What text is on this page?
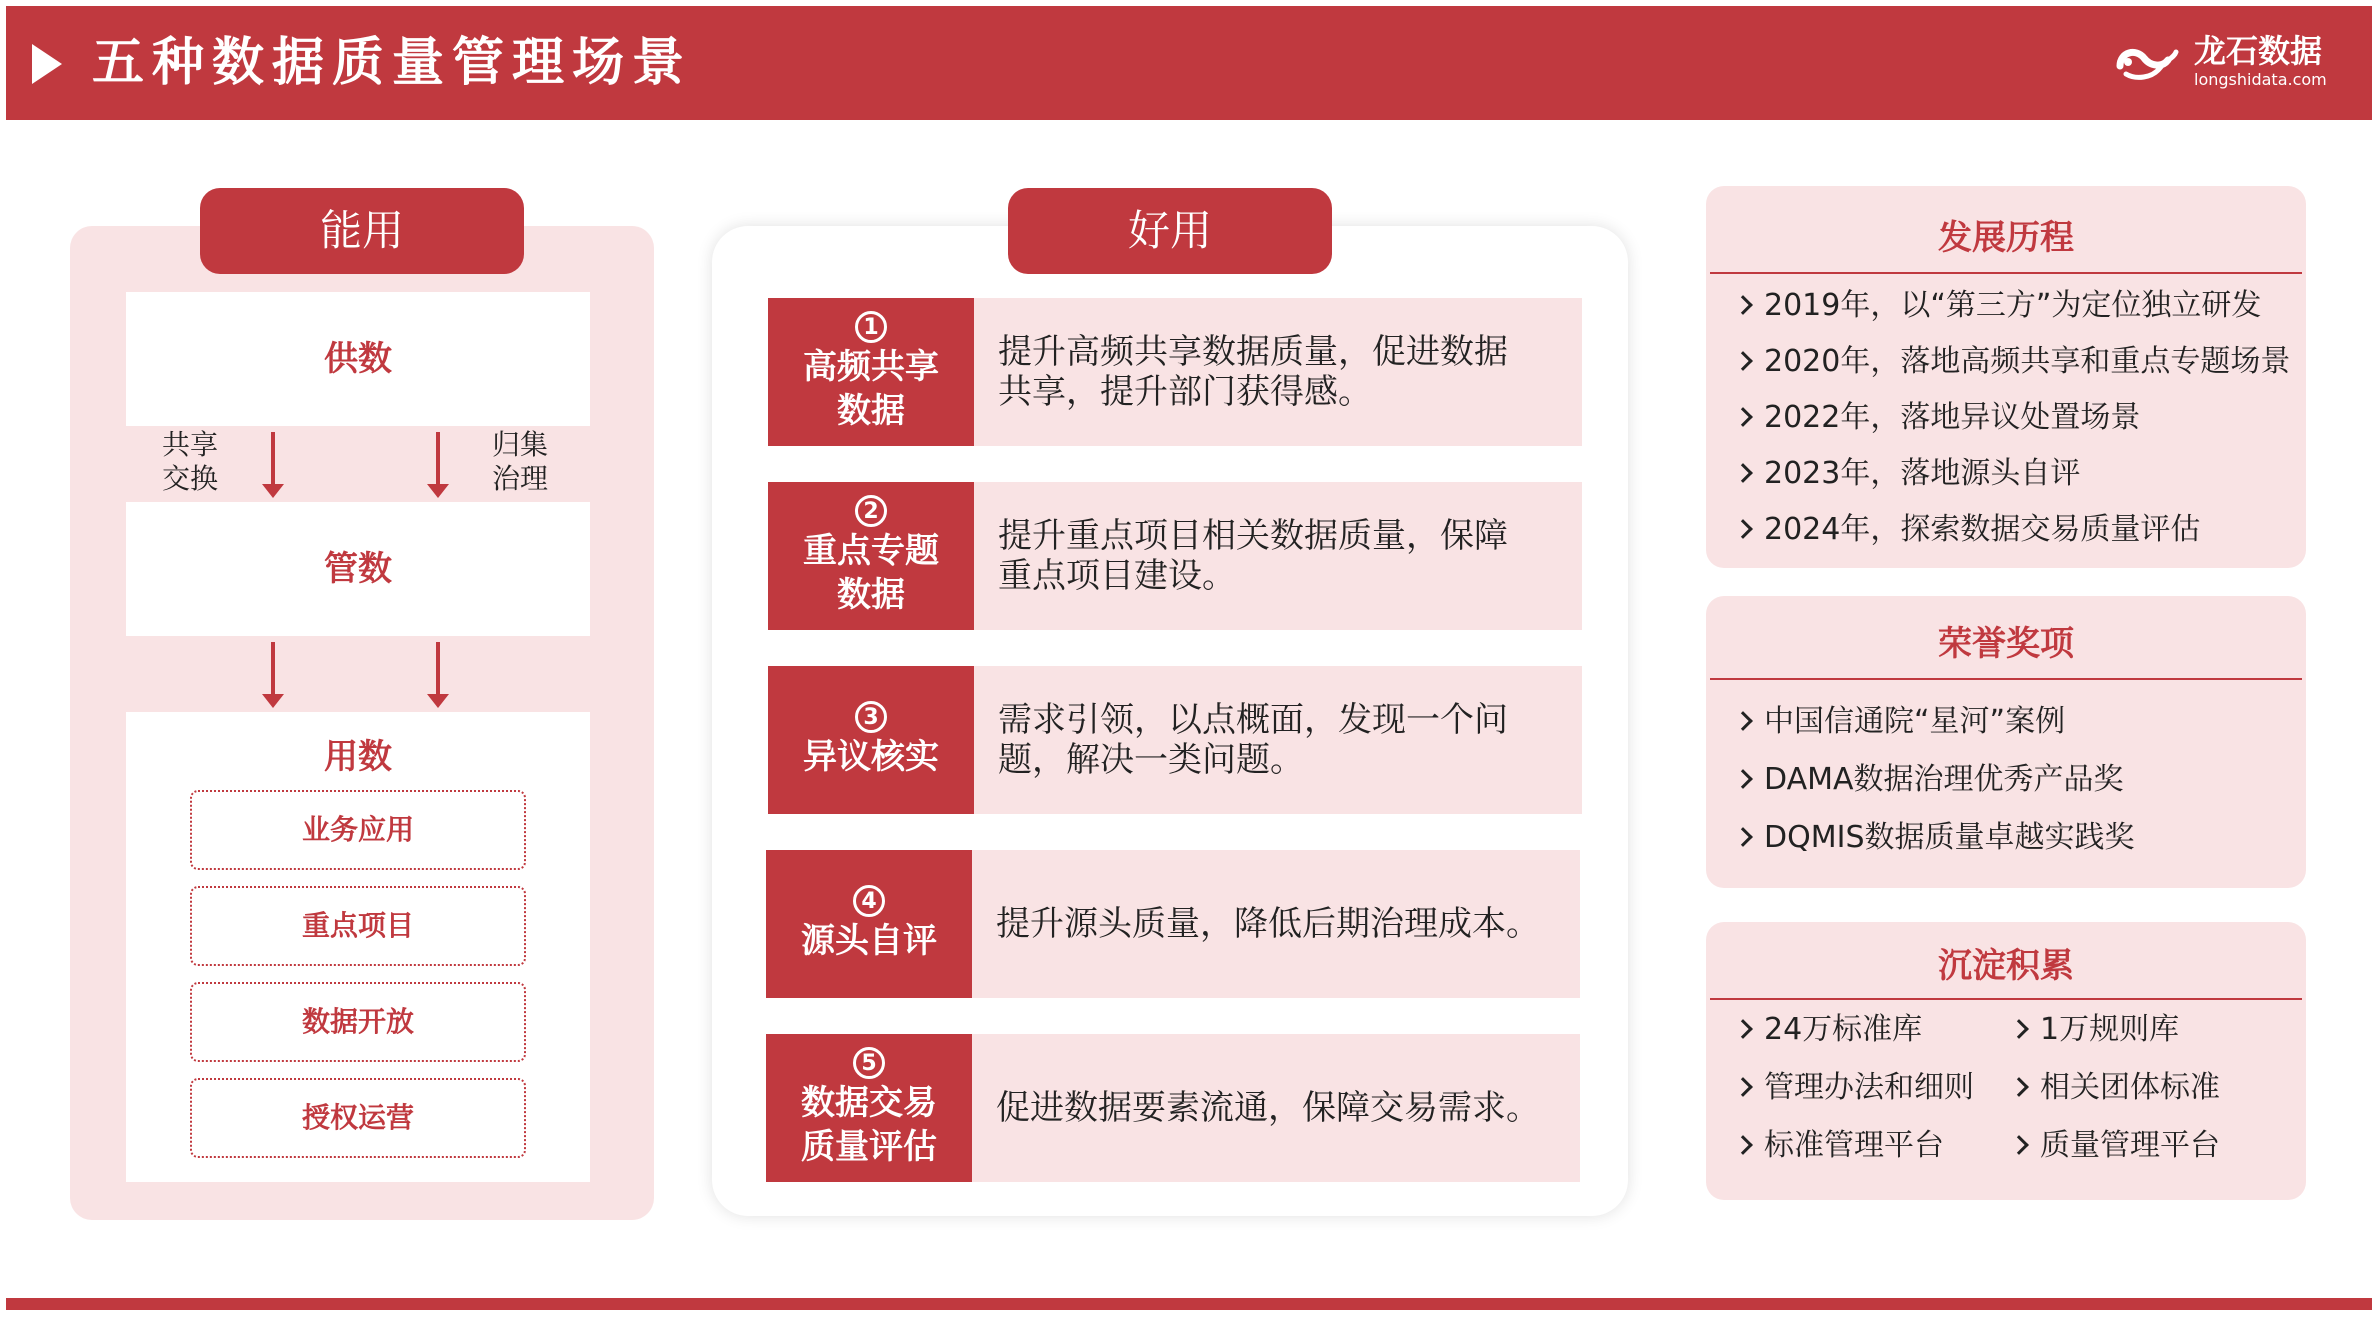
五种数据质量管理场景	龙石数据
longshidata.com
能用
供数
管数
共享
交换
归集
治理
用数
业务应用
重点项目
数据开放
授权运营
好用
1
高频共享
数据
提升高频共享数据质量，促进数据
共享，提升部门获得感。
2
重点专题
数据
提升重点项目相关数据质量，保障
重点项目建设。
3
异议核实
需求引领，以点概面，发现一个问
题，解决一类问题。
4
源头自评 提升源头质量，降低后期治理成本。
5
数据交易
质量评估
促进数据要素流通，保障交易需求。
发展历程
2019年，以“第三方”为定位独立研发
2020年，落地高频共享和重点专题场景
2022年，落地异议处置场景
2023年，落地源头自评
2024年，探索数据交易质量评估
荣誉奖项
中国信通院“星河”案例
DAMA数据治理优秀产品奖
DQMIS数据质量卓越实践奖
沉淀积累
24万标准库
管理办法和细则
标准管理平台
1万规则库
相关团体标准
质量管理平台
